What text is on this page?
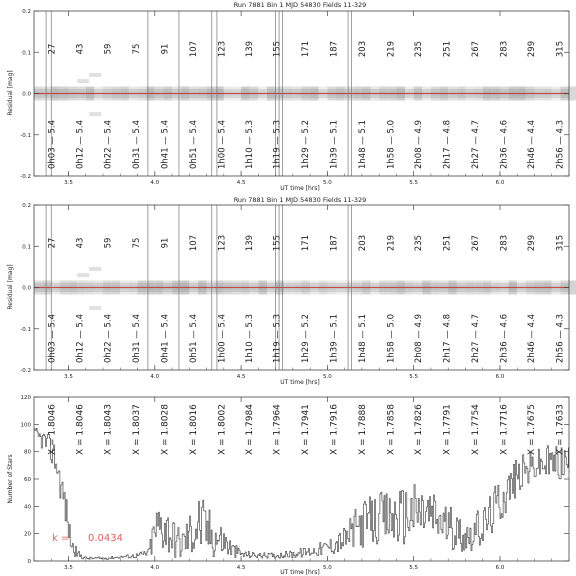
Run 7881 Bin 1 MJD 54830 Fields 11-329
27
0h03 — 5.4
43
0h12 — 5.4
59
0h22 — 5.4
75
0h31 — 5.4
91
0h41 — 5.4
107
0h51 — 5.4
123
1h00 — 5.4
139
1h10 — 5.3
155
1h19 — 5.3
171
1h29 — 5.2
187
1h39 — 5.1
203
1h48 — 5.1
219
1h58 — 5.0
235
2h08 — 4.9
251
2h17 — 4.8
267
2h27 — 4.7
283
2h36 — 4.6
299
2h46 — 4.4
315
2h56 — 4.3
3.5	4.0	4.5	5.0	5.5	6.0
-0.2
-0.1
0.0
0.1
0.2
UT time [hrs]
Residual [mag]
Run 7881 Bin 1 MJD 54830 Fields 11-329
27
0h03 — 5.4
43
0h12 — 5.4
59
0h22 — 5.4
75
0h31 — 5.4
91
0h41 — 5.4
107
0h51 — 5.4
123
1h00 — 5.4
139
1h10 — 5.3
155
1h19 — 5.3
171
1h29 — 5.2
187
1h39 — 5.1
203
1h48 — 5.1
219
1h58 — 5.0
235
2h08 — 4.9
251
2h17 — 4.8
267
2h27 — 4.7
283
2h36 — 4.6
299
2h46 — 4.4
315
2h56 — 4.3
3.5	4.0	4.5	5.0	5.5	6.0
-0.2
-0.1
0.0
0.1
0.2
UT time [hrs]
Residual [mag]
X = 1.8046 X = 1.8046 X = 1.8043 X = 1.8037 X = 1.8028 X = 1.8016 X = 1.8002 X = 1.7984 X = 1.7964 X = 1.7941 X = 1.7916 X = 1.7888 X = 1.7858 X = 1.7826 X = 1.7791 X = 1.7754 X = 1.7716 X = 1.7675 X = 1.7633
3.5	4.0	4.5	5.0	5.5	6.0
0
20
40
60
80
100
120
UT time [hrs]
Number of Stars
k = 0.0434
